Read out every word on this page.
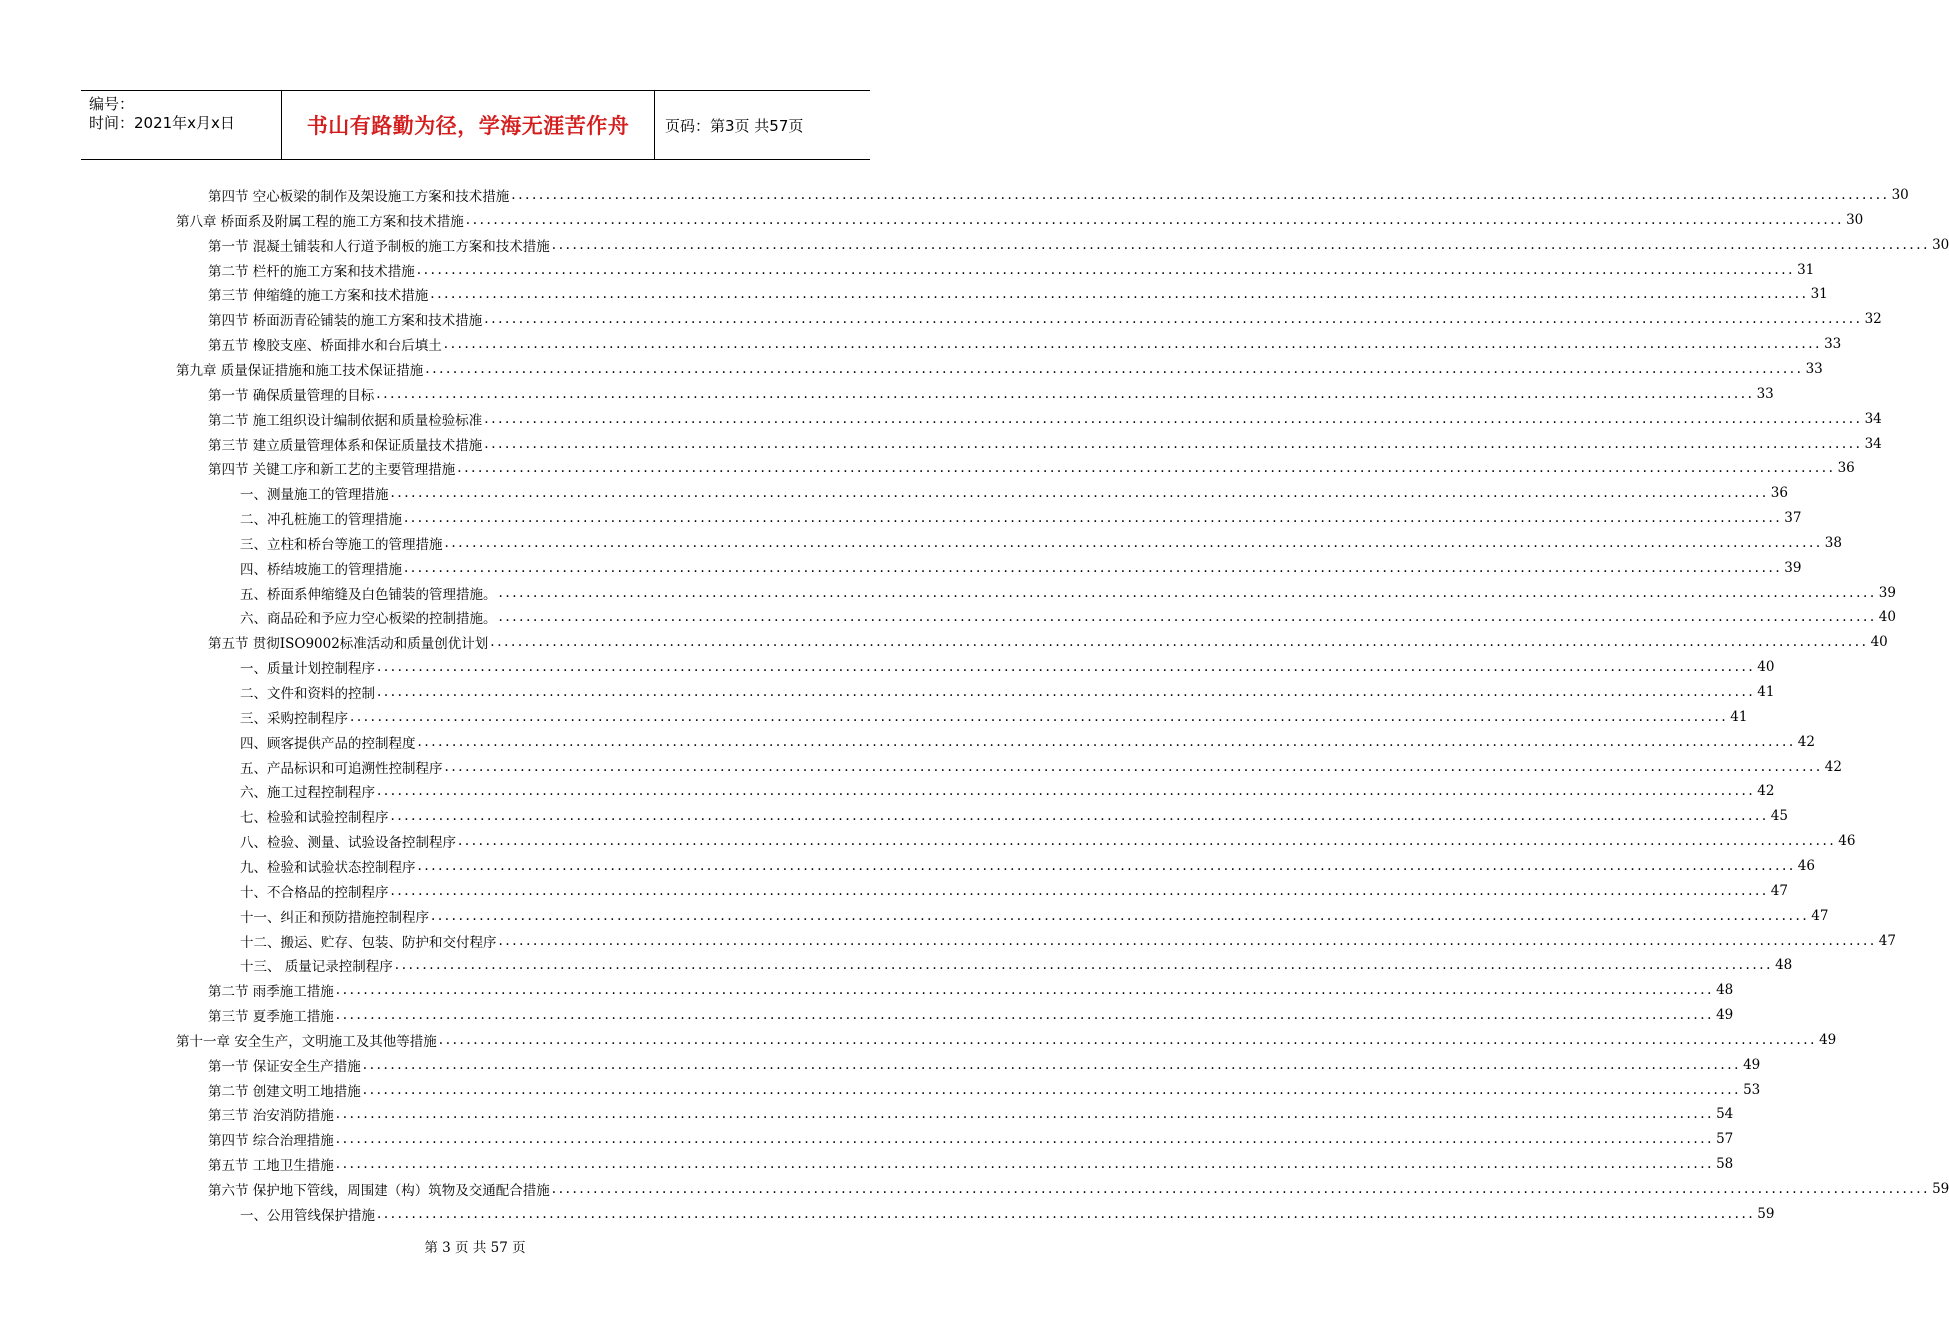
编号：
时间：2021年x月x日	书山有路勤为径，学海无涯苦作舟 页码：第3页 共57页
第四节 空心板梁的制作及架设施工方案和技术措施 ........................................................................................................................................................................................................ 30
第八章 桥面系及附属工程的施工方案和技术措施 ........................................................................................................................................................................................................ 30
第一节 混凝土铺装和人行道予制板的施工方案和技术措施 ........................................................................................................................................................................................................ 30
第二节 栏杆的施工方案和技术措施 ........................................................................................................................................................................................................ 31
第三节 伸缩缝的施工方案和技术措施 ........................................................................................................................................................................................................ 31
第四节 桥面沥青砼铺装的施工方案和技术措施 ........................................................................................................................................................................................................ 32
第五节 橡胶支座、桥面排水和台后填土 ........................................................................................................................................................................................................ 33
第九章 质量保证措施和施工技术保证措施 ........................................................................................................................................................................................................ 33
第一节 确保质量管理的目标 ........................................................................................................................................................................................................ 33
第二节 施工组织设计编制依据和质量检验标准 ........................................................................................................................................................................................................ 34
第三节 建立质量管理体系和保证质量技术措施 ........................................................................................................................................................................................................ 34
第四节 关键工序和新工艺的主要管理措施 ........................................................................................................................................................................................................ 36
一、测量施工的管理措施 ........................................................................................................................................................................................................ 36
二、冲孔桩施工的管理措施 ........................................................................................................................................................................................................ 37
三、立柱和桥台等施工的管理措施 ........................................................................................................................................................................................................ 38
四、桥结坡施工的管理措施 ........................................................................................................................................................................................................ 39
五、桥面系伸缩缝及白色铺装的管理措施。 ........................................................................................................................................................................................................ 39
六、商品砼和予应力空心板梁的控制措施。 ........................................................................................................................................................................................................ 40
第五节 贯彻ISO9002标准活动和质量创优计划 ........................................................................................................................................................................................................ 40
一、质量计划控制程序 ........................................................................................................................................................................................................ 40
二、文件和资料的控制 ........................................................................................................................................................................................................ 41
三、采购控制程序 ........................................................................................................................................................................................................ 41
四、顾客提供产品的控制程度 ........................................................................................................................................................................................................ 42
五、产品标识和可追溯性控制程序 ........................................................................................................................................................................................................ 42
六、施工过程控制程序 ........................................................................................................................................................................................................ 42
七、检验和试验控制程序 ........................................................................................................................................................................................................ 45
八、检验、测量、试验设备控制程序 ........................................................................................................................................................................................................ 46
九、检验和试验状态控制程序 ........................................................................................................................................................................................................ 46
十、不合格品的控制程序 ........................................................................................................................................................................................................ 47
十一、纠正和预防措施控制程序 ........................................................................................................................................................................................................ 47
十二、搬运、贮存、包装、防护和交付程序 ........................................................................................................................................................................................................ 47
十三、 质量记录控制程序 ........................................................................................................................................................................................................ 48
第二节 雨季施工措施 ........................................................................................................................................................................................................ 48
第三节 夏季施工措施 ........................................................................................................................................................................................................ 49
第十一章 安全生产，文明施工及其他等措施 ........................................................................................................................................................................................................ 49
第一节 保证安全生产措施 ........................................................................................................................................................................................................ 49
第二节 创建文明工地措施 ........................................................................................................................................................................................................ 53
第三节 治安消防措施 ........................................................................................................................................................................................................ 54
第四节 综合治理措施 ........................................................................................................................................................................................................ 57
第五节 工地卫生措施 ........................................................................................................................................................................................................ 58
第六节 保护地下管线，周围建（构）筑物及交通配合措施 ........................................................................................................................................................................................................ 59
一、公用管线保护措施 ........................................................................................................................................................................................................ 59
第 3 页 共 57 页
